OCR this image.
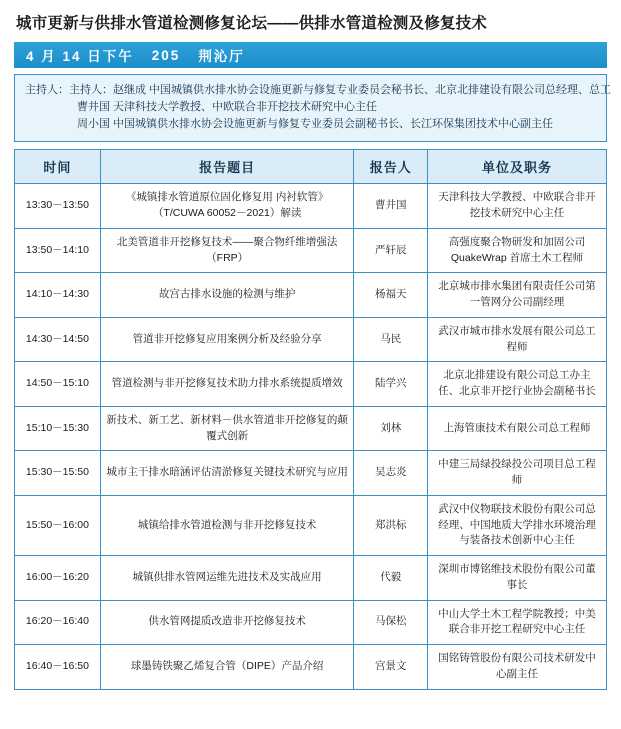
城市更新与供排水管道检测修复论坛——供排水管道检测及修复技术
4 月 14 日下午 205 荆沁厅
主持人：主持人：赵继成 中国城镇供水排水协会设施更新与修复专业委员会秘书长、北京北排建设有限公司总经理、总工
曹井国 天津科技大学教授、中欧联合非开挖技术研究中心主任
周小国 中国城镇供水排水协会设施更新与修复专业委员会副秘书长、长江环保集团技术中心副主任
时间	报告题目	报告人	单位及职务
13:30－13:50	《城镇排水管道原位固化修复用 内衬软管》（T/CUWA 60052－2021）解读	曹井国	天津科技大学教授、中欧联合非开挖技术研究中心主任
13:50－14:10	北美管道非开挖修复技术——聚合物纤维增强法（FRP）	严轩辰	高强度聚合物研发和加固公司QuakeWrap 首席土木工程师
14:10－14:30	故宫古排水设施的检测与维护	杨福天	北京城市排水集团有限责任公司第一管网分公司副经理
14:30－14:50	管道非开挖修复应用案例分析及经验分享	马民	武汉市城市排水发展有限公司总工程师
14:50－15:10	管道检测与非开挖修复技术助力排水系统提质增效	陆学兴	北京北排建设有限公司总工办主任、北京非开挖行业协会副秘书长
15:10－15:30	新技术、新工艺、新材料－供水管道非开挖修复的颠覆式创新	刘林	上海管康技术有限公司总工程师
15:30－15:50	城市主干排水暗涵评估清淤修复关键技术研究与应用	吴志炎	中建三局绿投绿投公司项目总工程师
15:50－16:00	城镇给排水管道检测与非开挖修复技术	郑洪标	武汉中仪物联技术股份有限公司总经理、中国地质大学排水环境治理与装备技术创新中心主任
16:00－16:20	城镇供排水管网运维先进技术及实战应用	代毅	深圳市博铭维技术股份有限公司董事长
16:20－16:40	供水管网提质改造非开挖修复技术	马保松	中山大学土木工程学院教授；中美联合非开挖工程研究中心主任
16:40－16:50	球墨铸铁聚乙烯复合管（DIPE）产品介绍	宫景文	国铭铸管股份有限公司技术研发中心副主任
